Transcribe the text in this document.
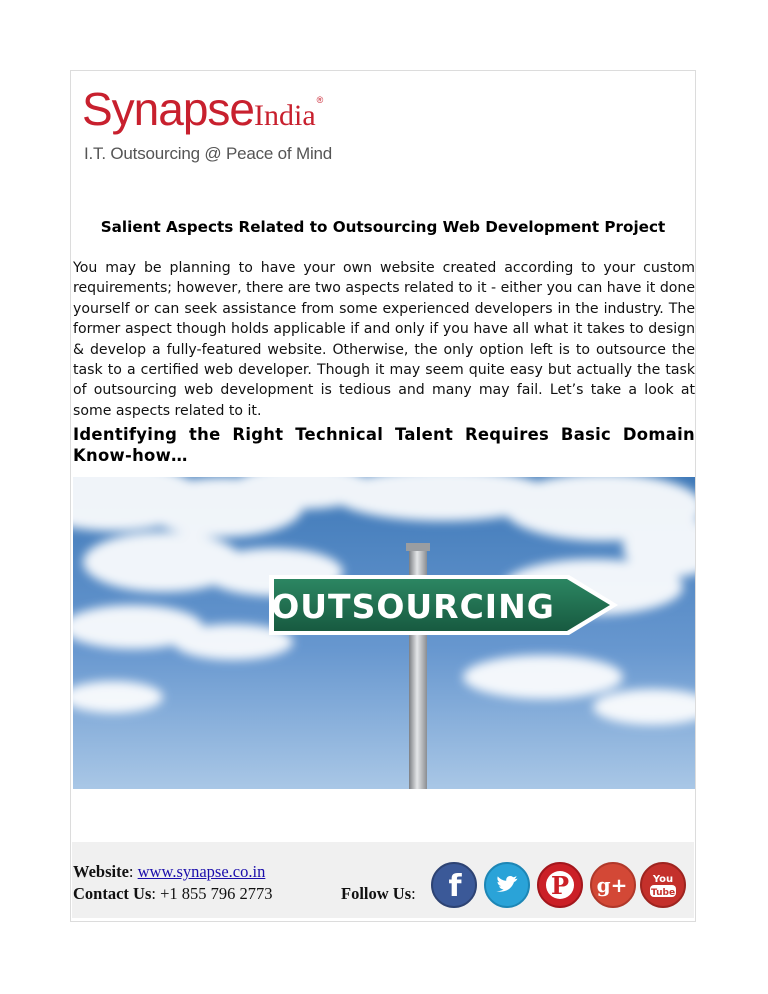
SynapseIndia®
I.T. Outsourcing @ Peace of Mind
Salient Aspects Related to Outsourcing Web Development Project

You may be planning to have your own website created according to your custom requirements; however, there are two aspects related to it - either you can have it done yourself or can seek assistance from some experienced developers in the industry. The former aspect though holds applicable if and only if you have all what it takes to design & develop a fully-featured website. Otherwise, the only option left is to outsource the task to a certified web developer. Though it may seem quite easy but actually the task of outsourcing web development is tedious and many may fail. Let’s take a look at some aspects related to it.

Identifying the Right Technical Talent Requires Basic Domain Know-how…
OUTSOURCING
Website: www.synapse.co.in
Contact Us: +1 855 796 2773	Follow Us: f	P g+	You
Tube
